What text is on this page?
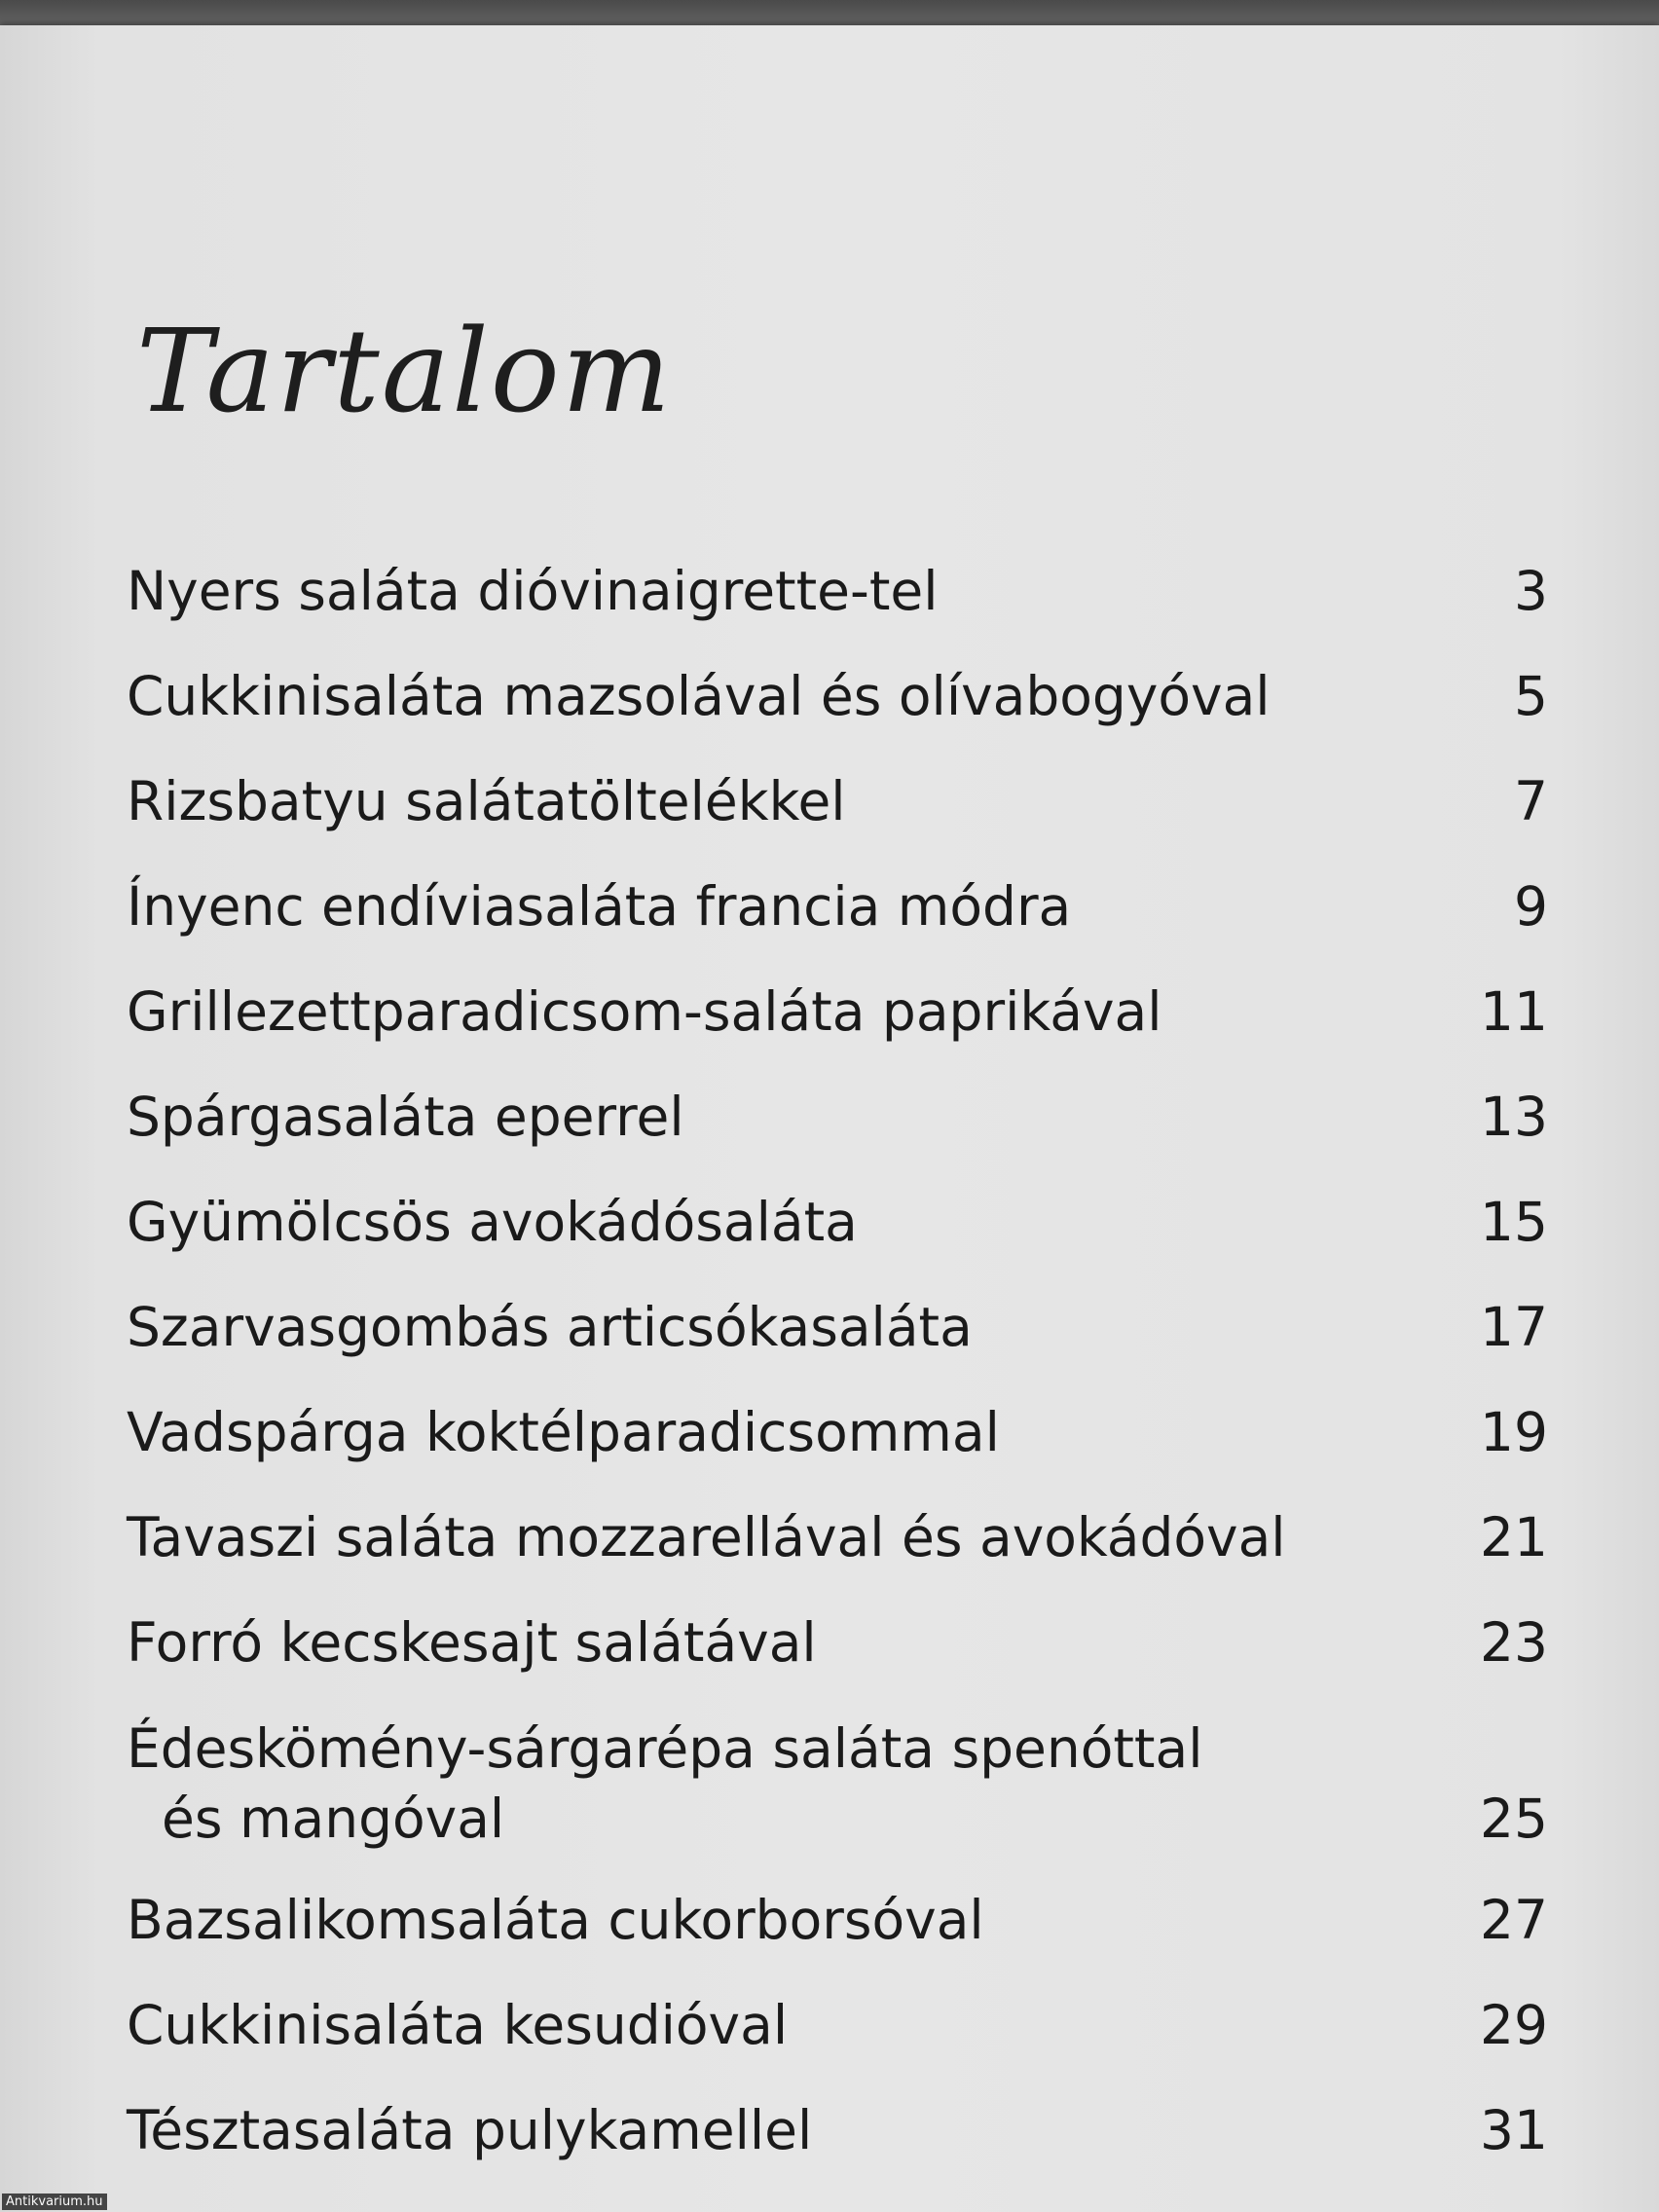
Tartalom
Nyers saláta dióvinaigrette-tel	3
Cukkinisaláta mazsolával és olívabogyóval	5
Rizsbatyu salátatöltelékkel	7
Ínyenc endíviasaláta francia módra	9
Grillezettparadicsom-saláta paprikával	11
Spárgasaláta eperrel	13
Gyümölcsös avokádósaláta	15
Szarvasgombás articsókasaláta	17
Vadspárga koktélparadicsommal	19
Tavaszi saláta mozzarellával és avokádóval	21
Forró kecskesajt salátával	23
Édeskömény-sárgarépa saláta spenóttal
és mangóval	25
Bazsalikomsaláta cukorborsóval	27
Cukkinisaláta kesudióval	29
Tésztasaláta pulykamellel	31
Antikvarium.hu
